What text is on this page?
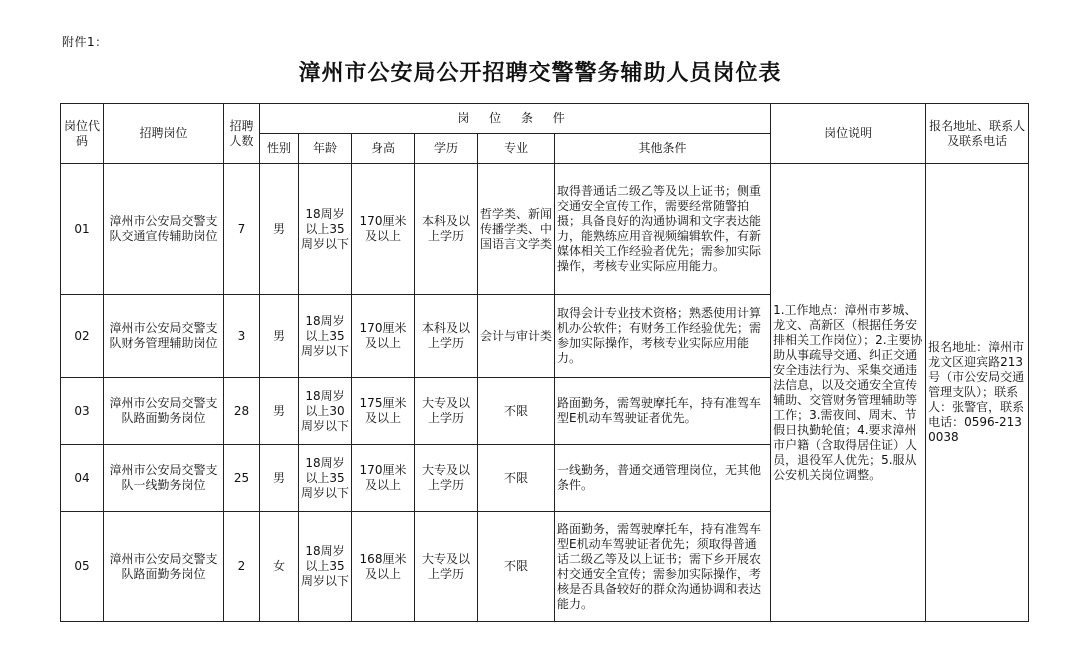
附件1：
漳州市公安局公开招聘交警警务辅助人员岗位表
岗位代码	招聘岗位	招聘人数	岗 位 条 件						岗位说明	报名地址、联系人及联系电话
			性别	年龄	身高	学历	专业	其他条件		
01	漳州市公安局交警支队交通宣传辅助岗位	7	男	18周岁以上35周岁以下	170厘米及以上	本科及以上学历	哲学类、新闻传播学类、中国语言文学类	取得普通话二级乙等及以上证书；侧重交通安全宣传工作，需要经常随警拍摄；具备良好的沟通协调和文字表达能力，能熟练应用音视频编辑软件，有新媒体相关工作经验者优先；需参加实际操作，考核专业实际应用能力。	1.工作地点：漳州市芗城、龙文、高新区（根据任务安排相关工作岗位）；2.主要协助从事疏导交通、纠正交通安全违法行为、采集交通违法信息，以及交通安全宣传辅助、交管财务管理辅助等工作；3.需夜间、周末、节假日执勤轮值；4.要求漳州市户籍（含取得居住证）人员，退役军人优先；5.服从公安机关岗位调整。	报名地址：漳州市龙文区迎宾路213号（市公安局交通管理支队）；联系人：张警官，联系电话：0596-2130038
02	漳州市公安局交警支队财务管理辅助岗位	3	男	18周岁以上35周岁以下	170厘米及以上	本科及以上学历	会计与审计类	取得会计专业技术资格；熟悉使用计算机办公软件；有财务工作经验优先；需参加实际操作，考核专业实际应用能力。		
03	漳州市公安局交警支队路面勤务岗位	28	男	18周岁以上30周岁以下	175厘米及以上	大专及以上学历	不限	路面勤务，需驾驶摩托车，持有准驾车型E机动车驾驶证者优先。		
04	漳州市公安局交警支队一线勤务岗位	25	男	18周岁以上35周岁以下	170厘米及以上	大专及以上学历	不限	一线勤务，普通交通管理岗位，无其他条件。		
05	漳州市公安局交警支队路面勤务岗位	2	女	18周岁以上35周岁以下	168厘米及以上	大专及以上学历	不限	路面勤务，需驾驶摩托车，持有准驾车型E机动车驾驶证者优先；须取得普通话二级乙等及以上证书；需下乡开展农村交通安全宣传；需参加实际操作，考核是否具备较好的群众沟通协调和表达能力。		
